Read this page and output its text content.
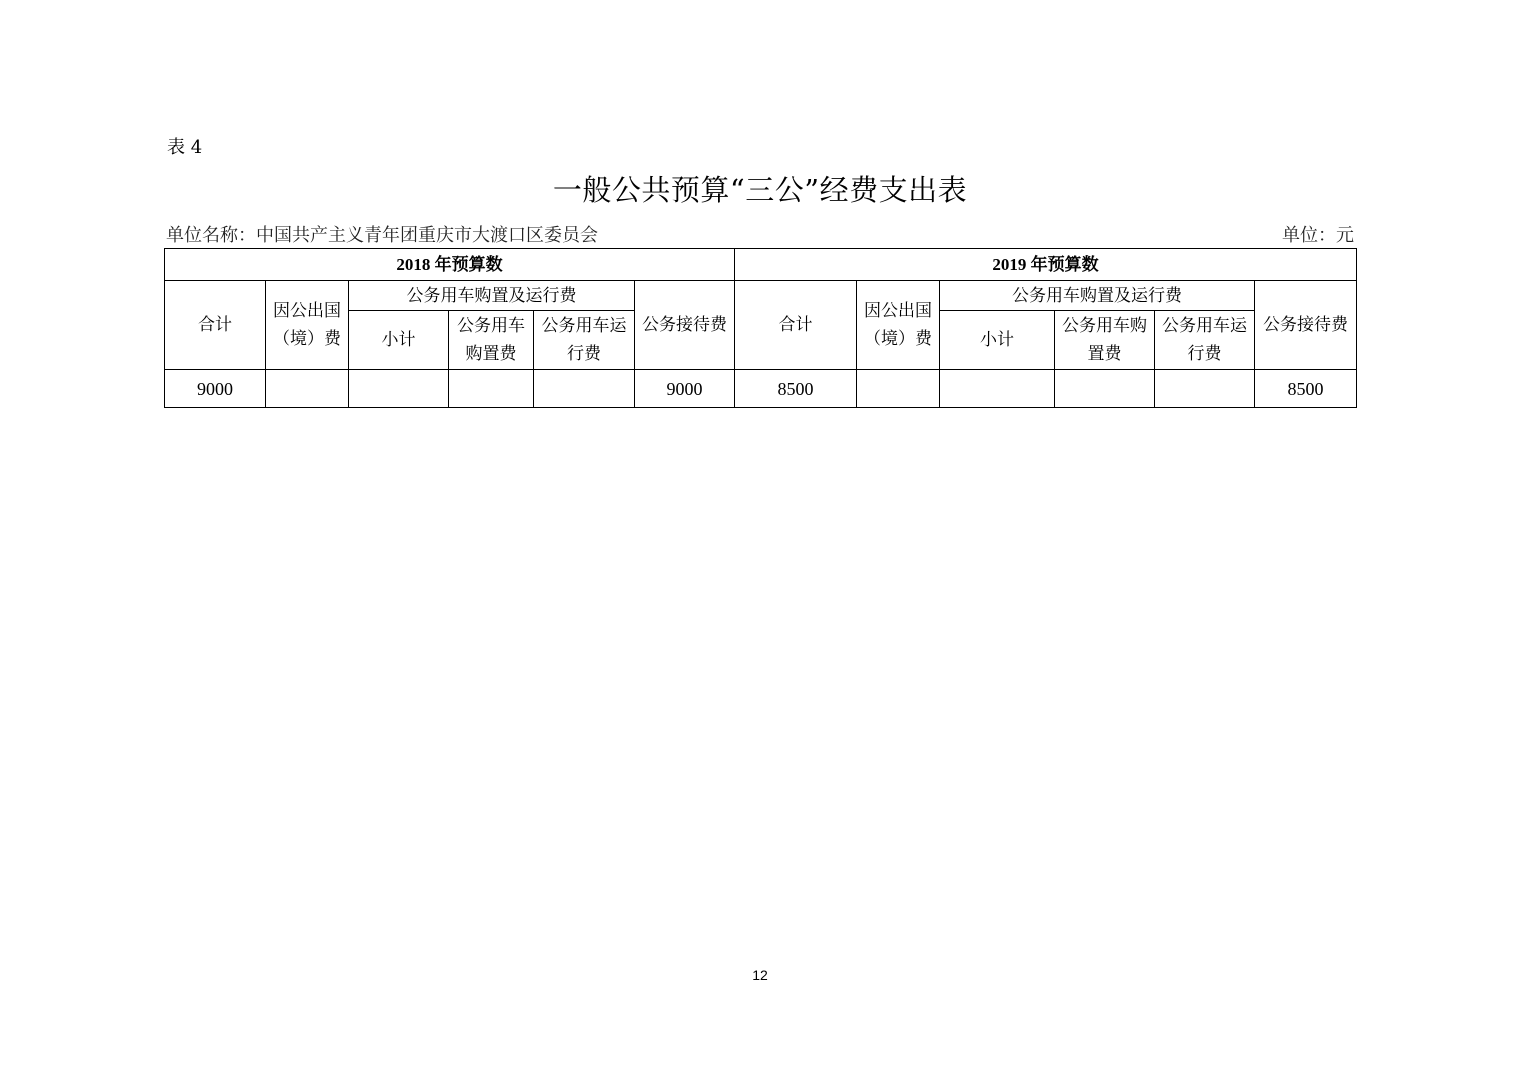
表 4
一般公共预算“三公”经费支出表
单位名称：中国共产主义青年团重庆市大渡口区委员会	单位：元
2018 年预算数						2019 年预算数					
合计	因公出国（境）费	公务用车购置及运行费			公务接待费	合计	因公出国（境）费	公务用车购置及运行费			公务接待费
		小计	公务用车购置费	公务用车运行费				小计	公务用车购置费	公务用车运行费	
9000					9000	8500					8500
12
